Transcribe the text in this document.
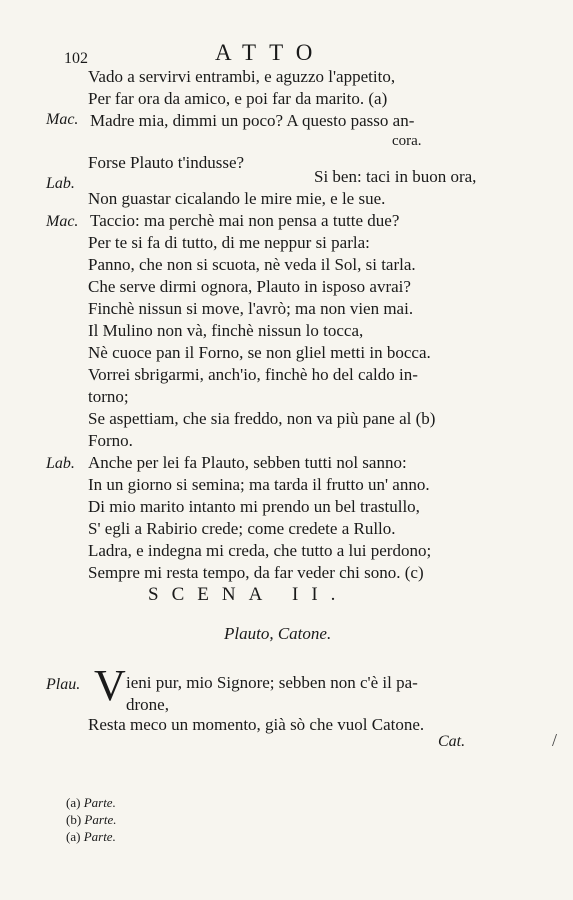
102	ATTO
Vado a servirvi entrambi, e aguzzo l'appetito,
Per far ora da amico, e poi far da marito. (a)
Mac. Madre mia, dimmi un poco? A questo passo an-
cora.
Forse Plauto t'indusse?
Lab.	Si ben: taci in buon ora,
Non guastar cicalando le mire mie, e le sue.
Mac. Taccio: ma perchè mai non pensa a tutte due?
Per te si fa di tutto, di me neppur si parla:
Panno, che non si scuota, nè veda il Sol, si tarla.
Che serve dirmi ognora, Plauto in isposo avrai?
Finchè nissun si move, l'avrò; ma non vien mai.
Il Mulino non và, finchè nissun lo tocca,
Nè cuoce pan il Forno, se non gliel metti in bocca.
Vorrei sbrigarmi, anch'io, finchè ho del caldo in-
torno;
Se aspettiam, che sia freddo, non va più pane al (b)
Forno.
Lab. Anche per lei fa Plauto, sebben tutti nol sanno:
In un giorno si semina; ma tarda il frutto un' anno.
Di mio marito intanto mi prendo un bel trastullo,
S' egli a Rabirio crede; come credete a Rullo.
Ladra, e indegna mi creda, che tutto a lui perdono;
Sempre mi resta tempo, da far veder chi sono. (c)
SCENA II.
Plauto, Catone.
Plau. V ieni pur, mio Signore; sebben non c'è il pa-
drone,
Resta meco un momento, già sò che vuol Catone.
Cat.	/
(a) Parte.
(b) Parte.
(a) Parte.
